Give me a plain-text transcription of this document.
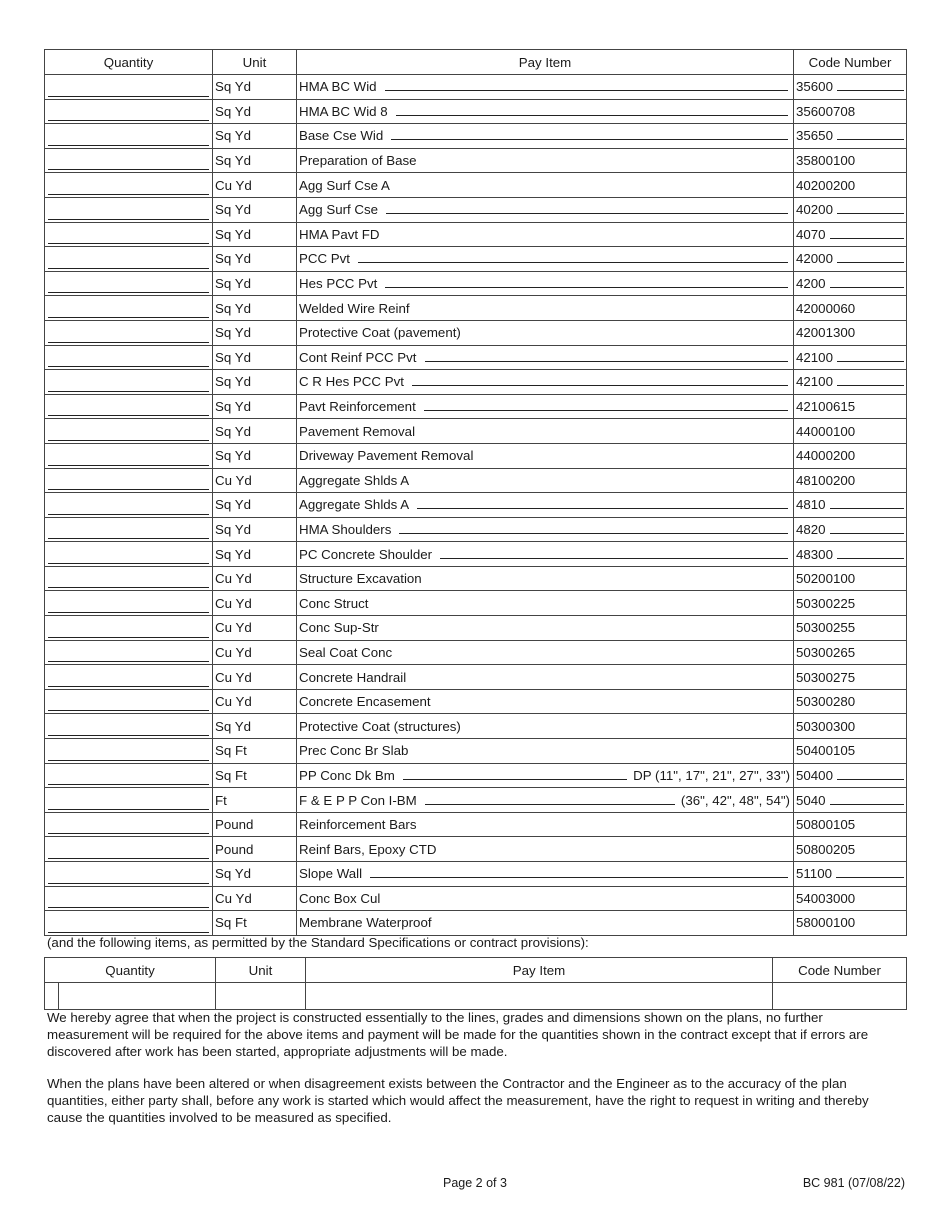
Quantity	Unit	Pay Item	Code Number

	Sq Yd	HMA BC Wid	35600

	Sq Yd	HMA BC Wid 8	35600708

	Sq Yd	Base Cse Wid	35650

	Sq Yd	Preparation of Base	35800100

	Cu Yd	Agg Surf Cse A	40200200

	Sq Yd	Agg Surf Cse	40200

	Sq Yd	HMA Pavt FD	4070

	Sq Yd	PCC Pvt	42000

	Sq Yd	Hes PCC Pvt	4200

	Sq Yd	Welded Wire Reinf	42000060

	Sq Yd	Protective Coat (pavement)	42001300

	Sq Yd	Cont Reinf PCC Pvt	42100

	Sq Yd	C R Hes PCC Pvt	42100

	Sq Yd	Pavt Reinforcement	42100615

	Sq Yd	Pavement Removal	44000100

	Sq Yd	Driveway Pavement Removal	44000200

	Cu Yd	Aggregate Shlds A	48100200

	Sq Yd	Aggregate Shlds A	4810

	Sq Yd	HMA Shoulders	4820

	Sq Yd	PC Concrete Shoulder	48300

	Cu Yd	Structure Excavation	50200100

	Cu Yd	Conc Struct	50300225

	Cu Yd	Conc Sup-Str	50300255

	Cu Yd	Seal Coat Conc	50300265

	Cu Yd	Concrete Handrail	50300275

	Cu Yd	Concrete Encasement	50300280

	Sq Yd	Protective Coat (structures)	50300300

	Sq Ft	Prec Conc Br Slab	50400105

	Sq Ft	PP Conc Dk Bm DP (11", 17", 21", 27", 33")	50400

	Ft	F & E P P Con I-BM (36", 42", 48", 54")	5040

	Pound	Reinforcement Bars	50800105

	Pound	Reinf Bars, Epoxy CTD	50800205

	Sq Yd	Slope Wall	51100

	Cu Yd	Conc Box Cul	54003000

	Sq Ft	Membrane Waterproof	58000100
(and the following items, as permitted by the Standard Specifications or contract provisions):
Quantity		Unit	Pay Item	Code Number

We hereby agree that when the project is constructed essentially to the lines, grades and dimensions shown on the plans, no further measurement will be required for the above items and payment will be made for the quantities shown in the contract except that if errors are discovered after work has been started, appropriate adjustments will be made.

When the plans have been altered or when disagreement exists between the Contractor and the Engineer as to the accuracy of the plan quantities, either party shall, before any work is started which would affect the measurement, have the right to request in writing and thereby cause the quantities involved to be measured as specified.

Page 2 of 3	BC 981 (07/08/22)
